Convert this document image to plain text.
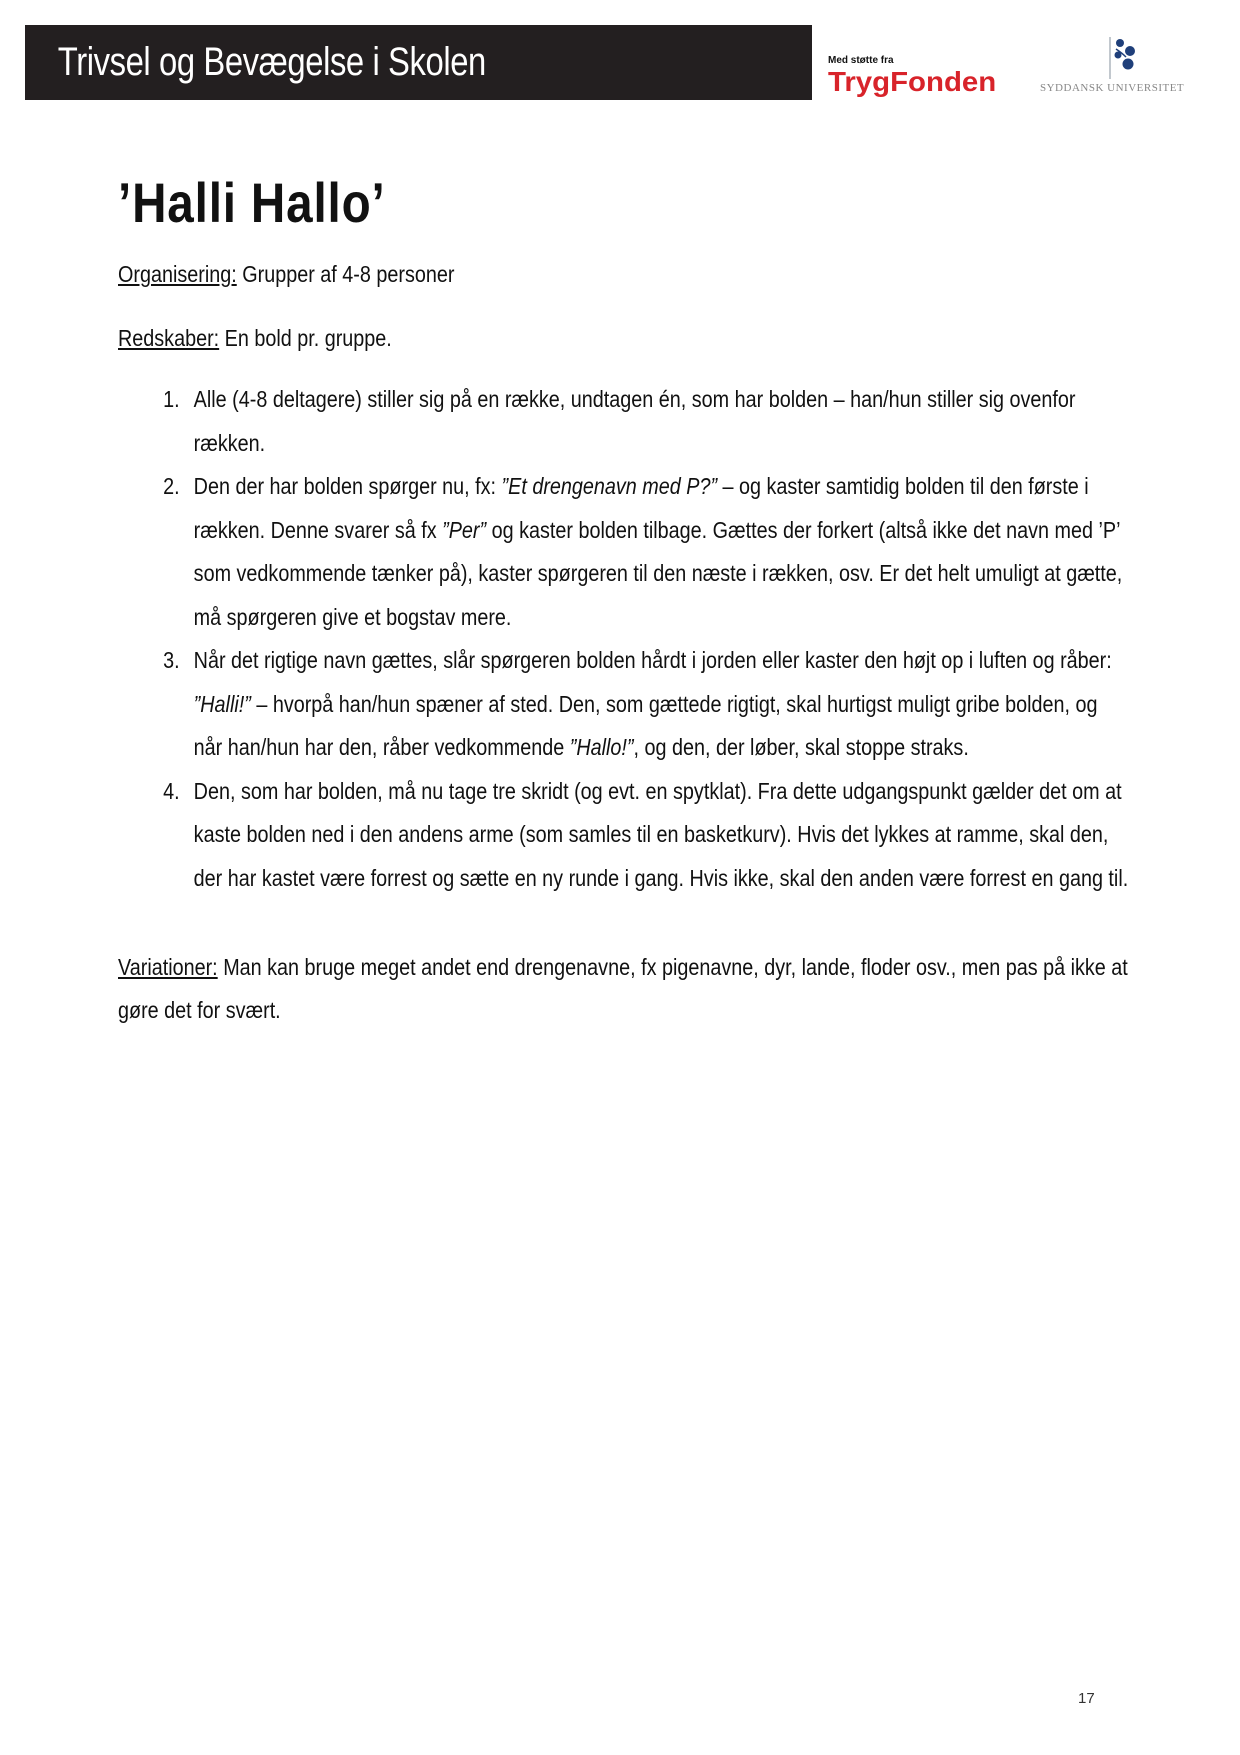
Trivsel og Bevægelse i Skolen	Med støtte fra
TrygFonden	SYDDANSK UNIVERSITET
’Halli Hallo’

Organisering: Grupper af 4-8 personer

Redskaber: En bold pr. gruppe.

1. Alle (4-8 deltagere) stiller sig på en række, undtagen én, som har bolden – han/hun stiller sig ovenfor rækken.
2. Den der har bolden spørger nu, fx: ”Et drengenavn med P?” – og kaster samtidig bolden til den første i rækken. Denne svarer så fx ”Per” og kaster bolden tilbage. Gættes der forkert (altså ikke det navn med ’P’ som vedkommende tænker på), kaster spørgeren til den næste i rækken, osv. Er det helt umuligt at gætte, må spørgeren give et bogstav mere.
3. Når det rigtige navn gættes, slår spørgeren bolden hårdt i jorden eller kaster den højt op i luften og råber: ”Halli!” – hvorpå han/hun spæner af sted. Den, som gættede rigtigt, skal hurtigst muligt gribe bolden, og når han/hun har den, råber vedkommende ”Hallo!”, og den, der løber, skal stoppe straks.
4. Den, som har bolden, må nu tage tre skridt (og evt. en spytklat). Fra dette udgangspunkt gælder det om at kaste bolden ned i den andens arme (som samles til en basketkurv). Hvis det lykkes at ramme, skal den, der har kastet være forrest og sætte en ny runde i gang. Hvis ikke, skal den anden være forrest en gang til.

Variationer: Man kan bruge meget andet end drengenavne, fx pigenavne, dyr, lande, floder osv., men pas på ikke at gøre det for svært.

17
